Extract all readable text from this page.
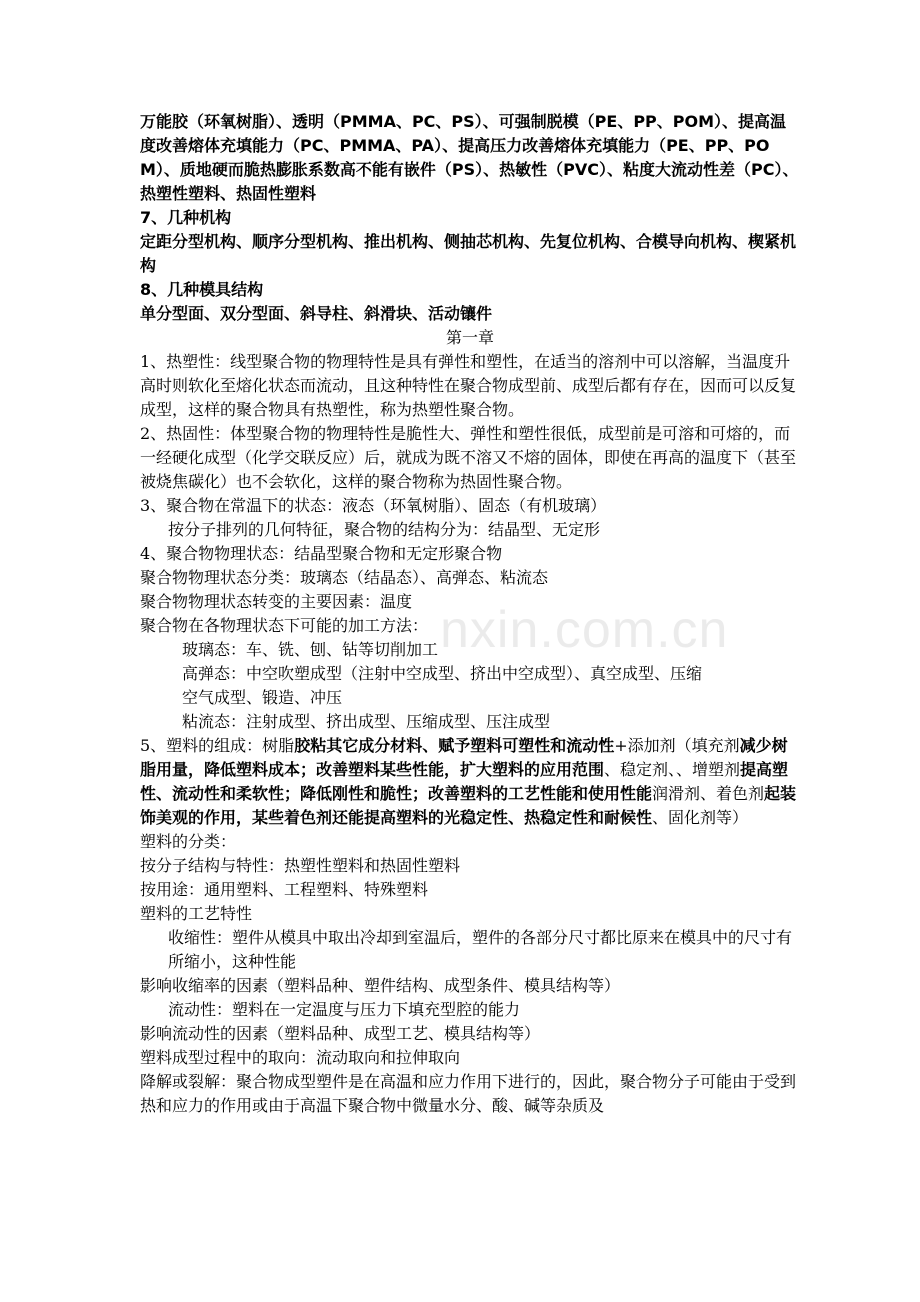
nxin.com.cn

万能胶（环氧树脂）、透明（PMMA、PC、PS）、可强制脱模（PE、PP、POM）、提高温度改善熔体充填能力（PC、PMMA、PA）、提高压力改善熔体充填能力（PE、PP、POM）、质地硬而脆热膨胀系数高不能有嵌件（PS）、热敏性（PVC）、粘度大流动性差（PC）、热塑性塑料、热固性塑料

7、几种机构

定距分型机构、顺序分型机构、推出机构、侧抽芯机构、先复位机构、合模导向机构、楔紧机构

8、几种模具结构

单分型面、双分型面、斜导柱、斜滑块、活动镶件

第一章

1、热塑性：线型聚合物的物理特性是具有弹性和塑性，在适当的溶剂中可以溶解，当温度升高时则软化至熔化状态而流动，且这种特性在聚合物成型前、成型后都有存在，因而可以反复成型，这样的聚合物具有热塑性，称为热塑性聚合物。

2、热固性：体型聚合物的物理特性是脆性大、弹性和塑性很低，成型前是可溶和可熔的，而一经硬化成型（化学交联反应）后，就成为既不溶又不熔的固体，即使在再高的温度下（甚至被烧焦碳化）也不会软化，这样的聚合物称为热固性聚合物。

3、聚合物在常温下的状态：液态（环氧树脂）、固态（有机玻璃）

按分子排列的几何特征，聚合物的结构分为：结晶型、无定形

4、聚合物物理状态：结晶型聚合物和无定形聚合物

聚合物物理状态分类：玻璃态（结晶态）、高弹态、粘流态

聚合物物理状态转变的主要因素：温度

聚合物在各物理状态下可能的加工方法：

玻璃态：车、铣、刨、钻等切削加工

高弹态：中空吹塑成型（注射中空成型、挤出中空成型）、真空成型、压缩
空气成型、锻造、冲压

粘流态：注射成型、挤出成型、压缩成型、压注成型

5、塑料的组成：树脂胶粘其它成分材料、赋予塑料可塑性和流动性+添加剂（填充剂减少树脂用量，降低塑料成本；改善塑料某些性能，扩大塑料的应用范围、稳定剂、、增塑剂提高塑性、流动性和柔软性；降低刚性和脆性；改善塑料的工艺性能和使用性能润滑剂、着色剂起装饰美观的作用，某些着色剂还能提高塑料的光稳定性、热稳定性和耐候性、固化剂等）

塑料的分类：

按分子结构与特性：热塑性塑料和热固性塑料

按用途：通用塑料、工程塑料、特殊塑料

塑料的工艺特性

收缩性：塑件从模具中取出冷却到室温后，塑件的各部分尺寸都比原来在模具中的尺寸有所缩小，这种性能

影响收缩率的因素（塑料品种、塑件结构、成型条件、模具结构等）

流动性：塑料在一定温度与压力下填充型腔的能力

影响流动性的因素（塑料品种、成型工艺、模具结构等）

塑料成型过程中的取向：流动取向和拉伸取向

降解或裂解：聚合物成型塑件是在高温和应力作用下进行的，因此，聚合物分子可能由于受到热和应力的作用或由于高温下聚合物中微量水分、酸、碱等杂质及
